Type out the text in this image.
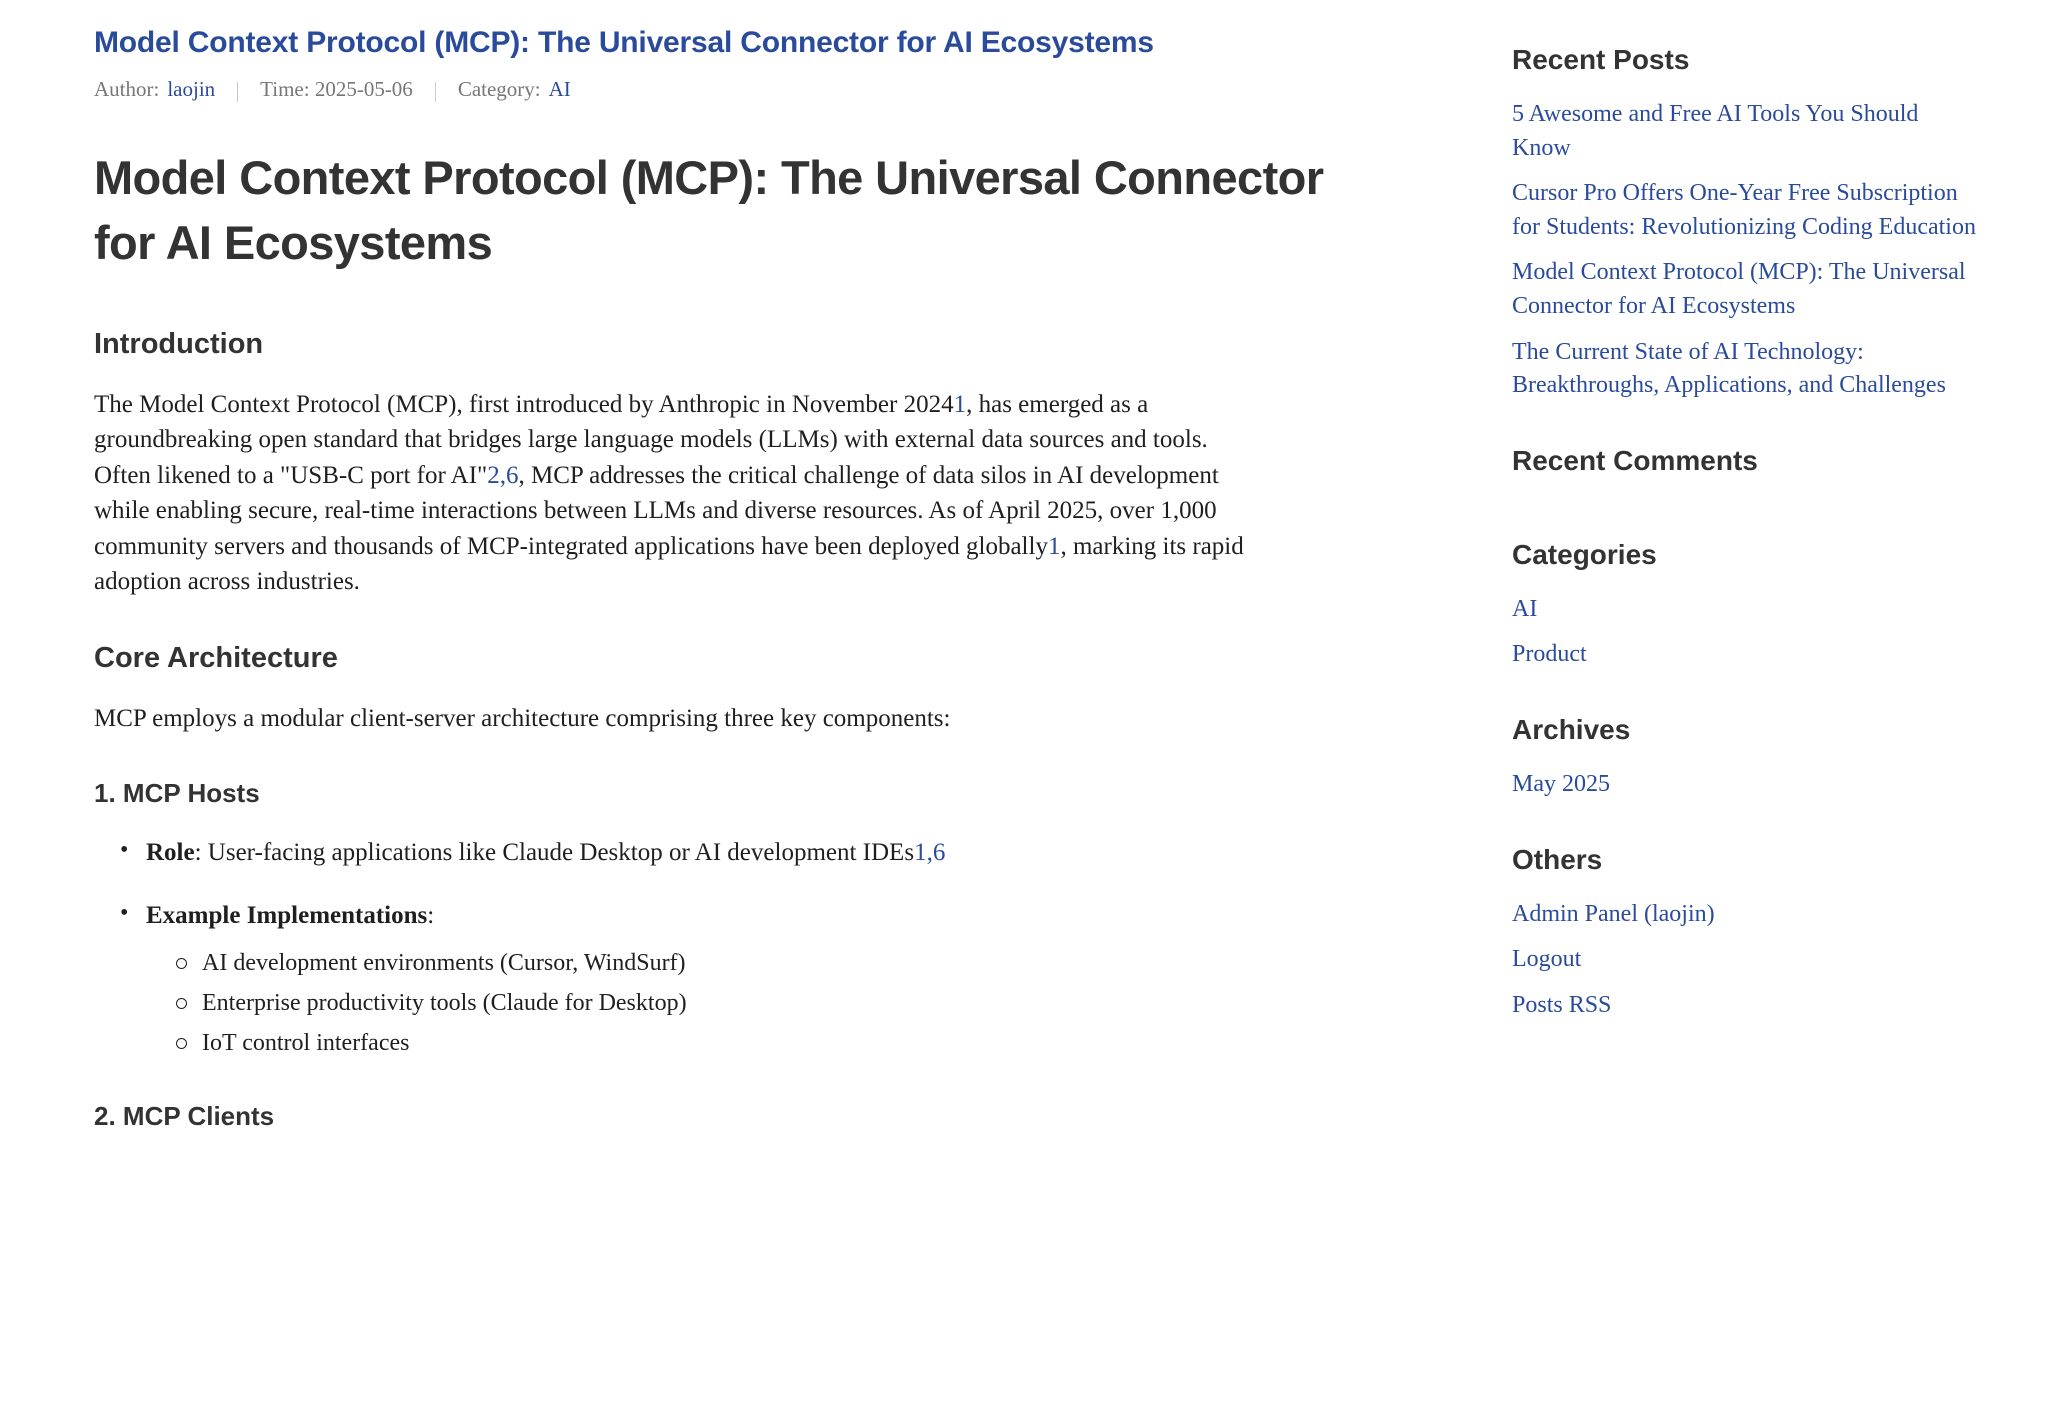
Model Context Protocol (MCP): The Universal Connector for AI Ecosystems
Author: laojin Time: 2025-05-06 Category: AI
Model Context Protocol (MCP): The Universal Connector for AI Ecosystems
Introduction

The Model Context Protocol (MCP), first introduced by Anthropic in November 20241, has emerged as a groundbreaking open standard that bridges large language models (LLMs) with external data sources and tools. Often likened to a "USB-C port for AI"2,6, MCP addresses the critical challenge of data silos in AI development while enabling secure, real-time interactions between LLMs and diverse resources. As of April 2025, over 1,000 community servers and thousands of MCP-integrated applications have been deployed globally1, marking its rapid adoption across industries.

Core Architecture

MCP employs a modular client-server architecture comprising three key components:

1. MCP Hosts
• Role: User-facing applications like Claude Desktop or AI development IDEs1,6
• Example Implementations:
AI development environments (Cursor, WindSurf)
Enterprise productivity tools (Claude for Desktop)
IoT control interfaces
2. MCP Clients
Recent Posts
5 Awesome and Free AI Tools You Should Know
Cursor Pro Offers One-Year Free Subscription for Students: Revolutionizing Coding Education
Model Context Protocol (MCP): The Universal Connector for AI Ecosystems
The Current State of AI Technology: Breakthroughs, Applications, and Challenges
Recent Comments
Categories
AI
Product
Archives
May 2025
Others
Admin Panel (laojin)
Logout
Posts RSS
